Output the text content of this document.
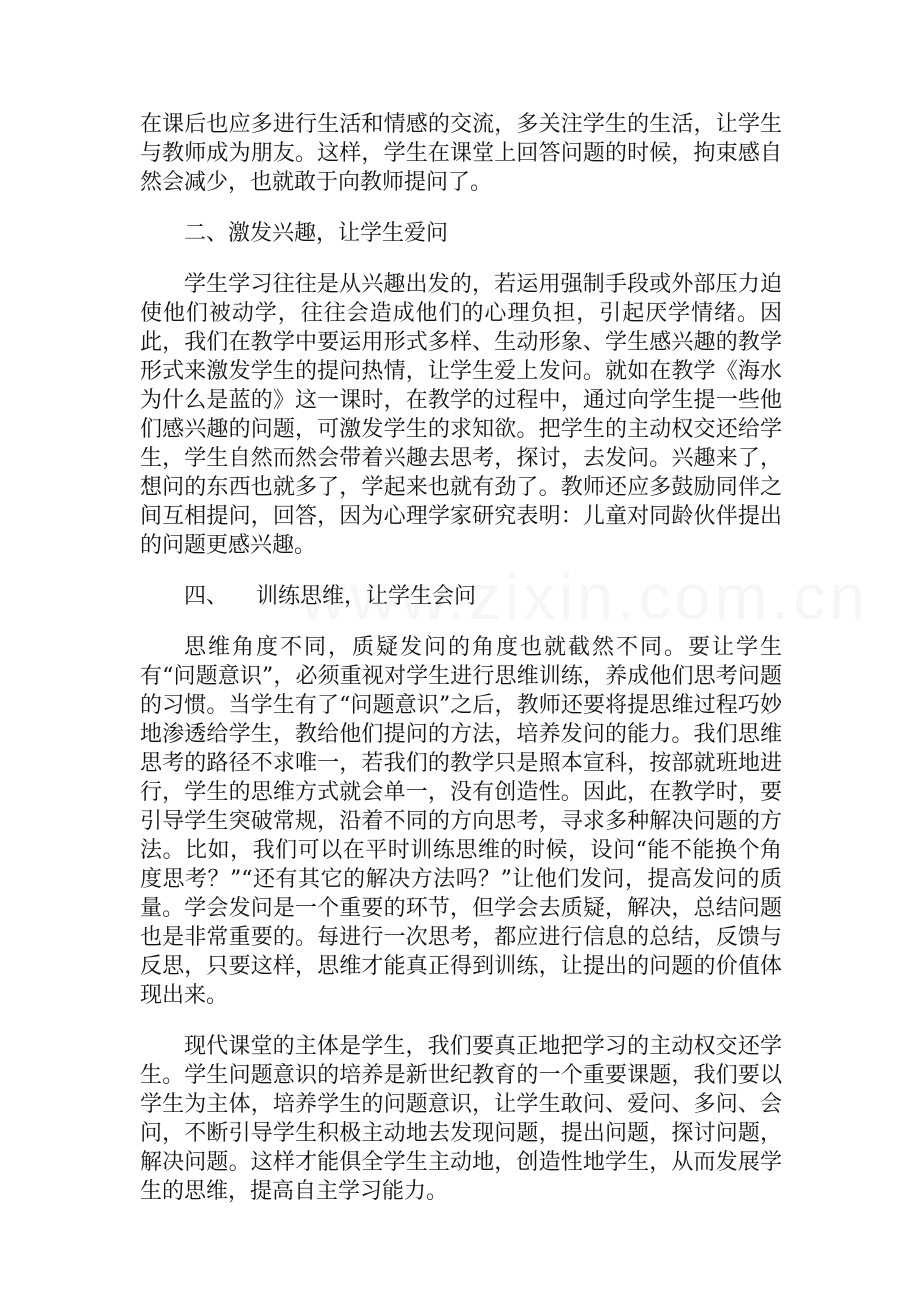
在课后也应多进行生活和情感的交流，多关注学生的生活，让学生与教师成为朋友。这样，学生在课堂上回答问题的时候，拘束感自然会减少，也就敢于向教师提问了。

二、激发兴趣，让学生爱问

学生学习往往是从兴趣出发的，若运用强制手段或外部压力迫使他们被动学，往往会造成他们的心理负担，引起厌学情绪。因此，我们在教学中要运用形式多样、生动形象、学生感兴趣的教学形式来激发学生的提问热情，让学生爱上发问。就如在教学《海水为什么是蓝的》这一课时，在教学的过程中，通过向学生提一些他们感兴趣的问题，可激发学生的求知欲。把学生的主动权交还给学生，学生自然而然会带着兴趣去思考，探讨，去发问。兴趣来了，想问的东西也就多了，学起来也就有劲了。教师还应多鼓励同伴之间互相提问，回答，因为心理学家研究表明：儿童对同龄伙伴提出的问题更感兴趣。

四、    训练思维，让学生会问

思维角度不同，质疑发问的角度也就截然不同。要让学生有“问题意识”，必须重视对学生进行思维训练，养成他们思考问题的习惯。当学生有了“问题意识”之后，教师还要将提思维过程巧妙地渗透给学生，教给他们提问的方法，培养发问的能力。我们思维思考的路径不求唯一，若我们的教学只是照本宣科，按部就班地进行，学生的思维方式就会单一，没有创造性。因此，在教学时，要引导学生突破常规，沿着不同的方向思考，寻求多种解决问题的方法。比如，我们可以在平时训练思维的时候，设问“能不能换个角度思考？”“还有其它的解决方法吗？”让他们发问，提高发问的质量。学会发问是一个重要的环节，但学会去质疑，解决，总结问题也是非常重要的。每进行一次思考，都应进行信息的总结，反馈与反思，只要这样，思维才能真正得到训练，让提出的问题的价值体现出来。

现代课堂的主体是学生，我们要真正地把学习的主动权交还学生。学生问题意识的培养是新世纪教育的一个重要课题，我们要以学生为主体，培养学生的问题意识，让学生敢问、爱问、多问、会问，不断引导学生积极主动地去发现问题，提出问题，探讨问题，解决问题。这样才能俱全学生主动地，创造性地学生，从而发展学生的思维，提高自主学习能力。
